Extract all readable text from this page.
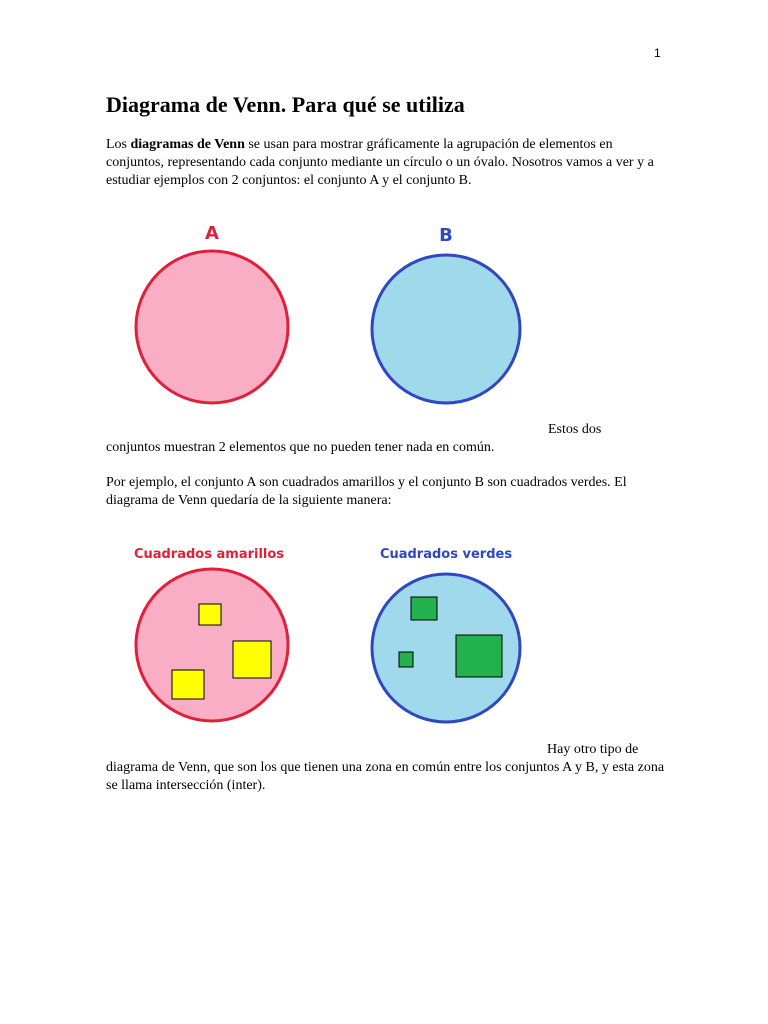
1
Diagrama de Venn. Para qué se utiliza

Los diagramas de Venn se usan para mostrar gráficamente la agrupación de elementos en conjuntos, representando cada conjunto mediante un círculo o un óvalo. Nosotros vamos a ver y a estudiar ejemplos con 2 conjuntos: el conjunto A y el conjunto B.

A	B

Estos dos

conjuntos muestran 2 elementos que no pueden tener nada en común.

Por ejemplo, el conjunto A son cuadrados amarillos y el conjunto B son cuadrados verdes. El diagrama de Venn quedaría de la siguiente manera:

Cuadrados amarillos	Cuadrados verdes

Hay otro tipo de

diagrama de Venn, que son los que tienen una zona en común entre los conjuntos A y B, y esta zona se llama intersección (inter).
